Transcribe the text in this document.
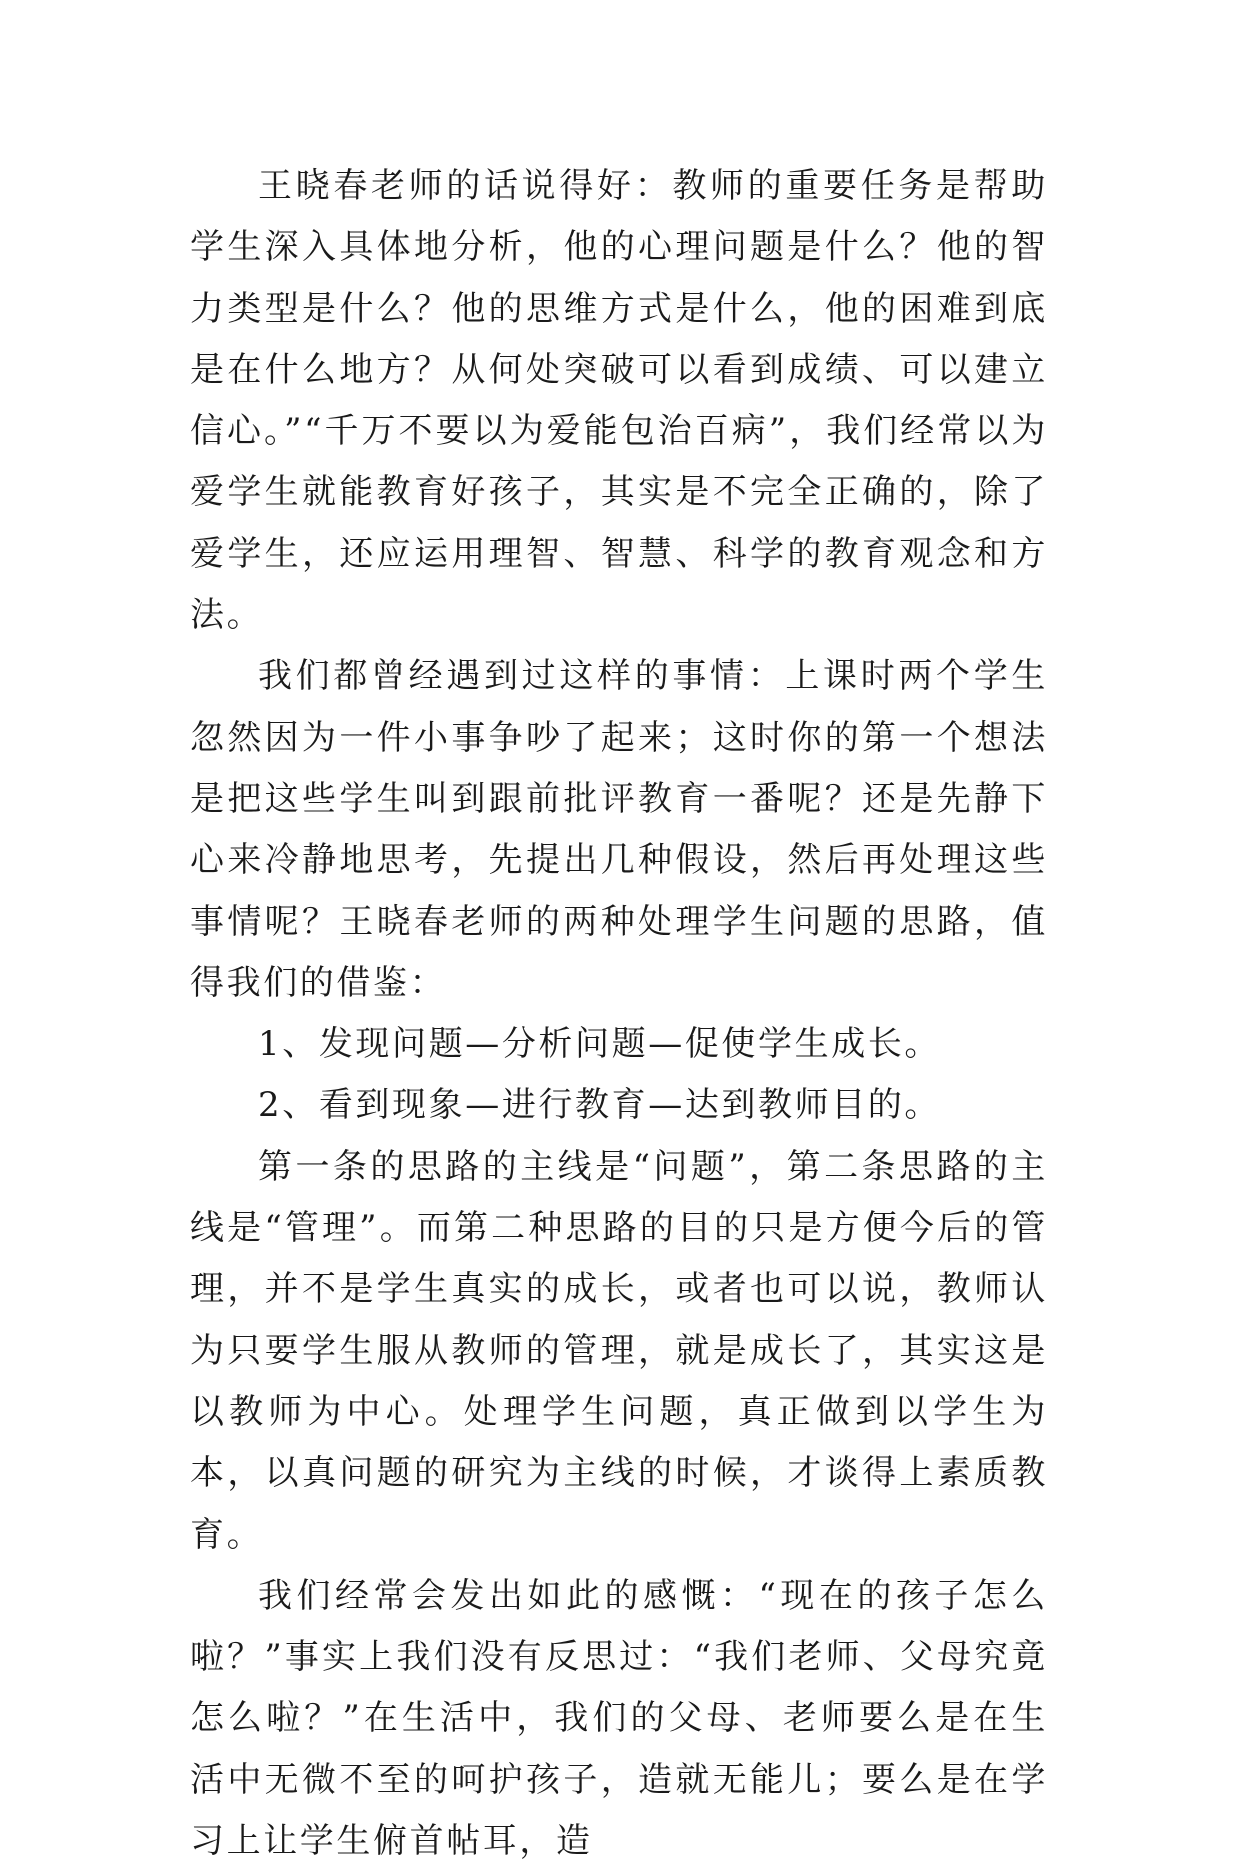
王晓春老师的话说得好：教师的重要任务是帮助学生深入具体地分析，他的心理问题是什么？他的智力类型是什么？他的思维方式是什么，他的困难到底是在什么地方？从何处突破可以看到成绩、可以建立信心。”“千万不要以为爱能包治百病”，我们经常以为爱学生就能教育好孩子，其实是不完全正确的，除了爱学生，还应运用理智、智慧、科学的教育观念和方法。

我们都曾经遇到过这样的事情：上课时两个学生忽然因为一件小事争吵了起来；这时你的第一个想法是把这些学生叫到跟前批评教育一番呢？还是先静下心来冷静地思考，先提出几种假设，然后再处理这些事情呢？王晓春老师的两种处理学生问题的思路，值得我们的借鉴：

1、发现问题—分析问题—促使学生成长。

2、看到现象—进行教育—达到教师目的。

第一条的思路的主线是“问题”，第二条思路的主线是“管理”。而第二种思路的目的只是方便今后的管理，并不是学生真实的成长，或者也可以说，教师认为只要学生服从教师的管理，就是成长了，其实这是以教师为中心。处理学生问题，真正做到以学生为本，以真问题的研究为主线的时候，才谈得上素质教育。

我们经常会发出如此的感慨：“现在的孩子怎么啦？”事实上我们没有反思过：“我们老师、父母究竟怎么啦？”在生活中，我们的父母、老师要么是在生活中无微不至的呵护孩子，造就无能儿；要么是在学习上让学生俯首帖耳，造
